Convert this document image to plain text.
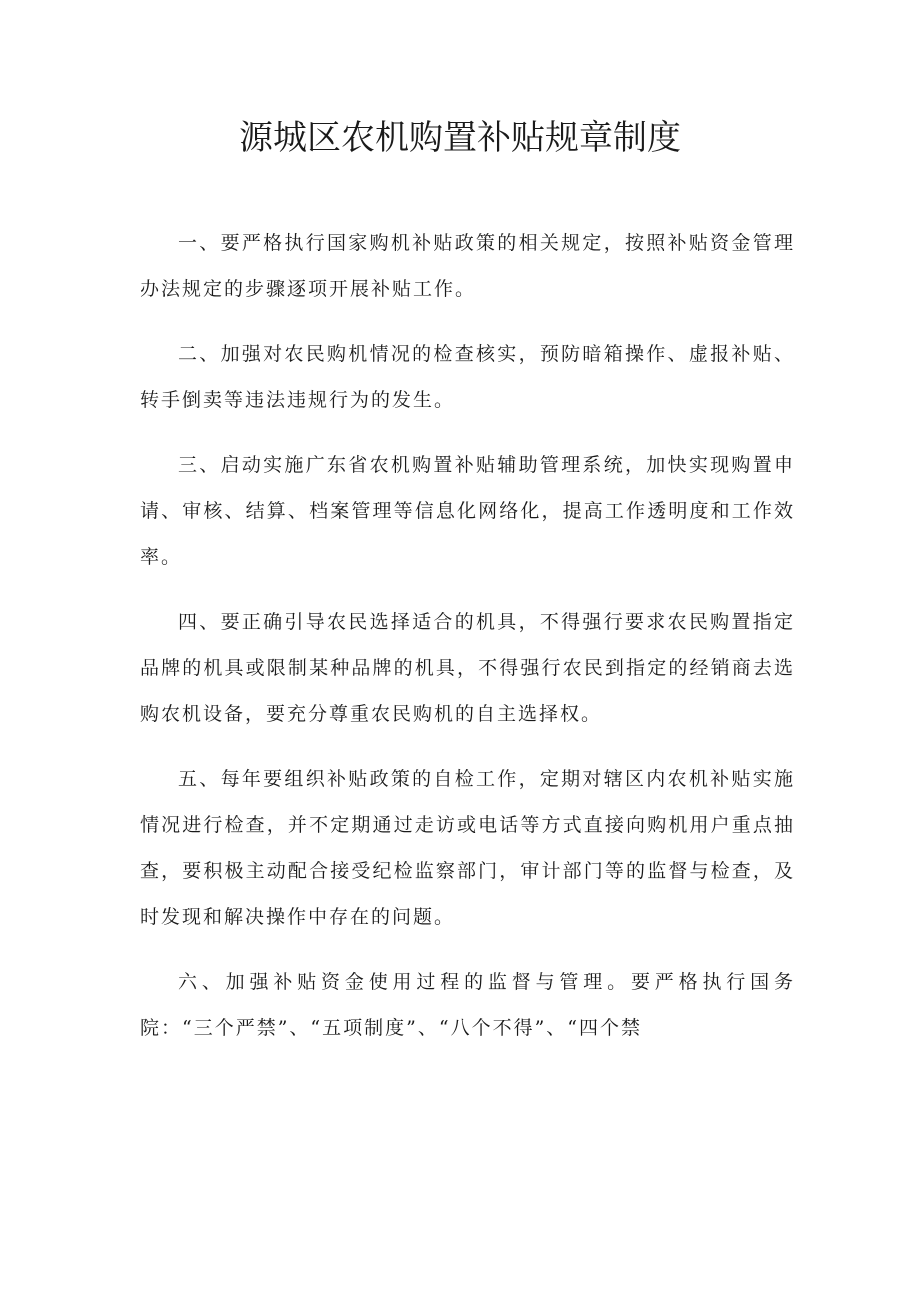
源城区农机购置补贴规章制度

一、要严格执行国家购机补贴政策的相关规定，按照补贴资金管理办法规定的步骤逐项开展补贴工作。

二、加强对农民购机情况的检查核实，预防暗箱操作、虚报补贴、转手倒卖等违法违规行为的发生。

三、启动实施广东省农机购置补贴辅助管理系统，加快实现购置申请、审核、结算、档案管理等信息化网络化，提高工作透明度和工作效率。

四、要正确引导农民选择适合的机具，不得强行要求农民购置指定品牌的机具或限制某种品牌的机具，不得强行农民到指定的经销商去选购农机设备，要充分尊重农民购机的自主选择权。

五、每年要组织补贴政策的自检工作，定期对辖区内农机补贴实施情况进行检查，并不定期通过走访或电话等方式直接向购机用户重点抽查，要积极主动配合接受纪检监察部门，审计部门等的监督与检查，及时发现和解决操作中存在的问题。

六、加强补贴资金使用过程的监督与管理。要严格执行国务院：“三个严禁”、“五项制度”、“八个不得”、“四个禁
